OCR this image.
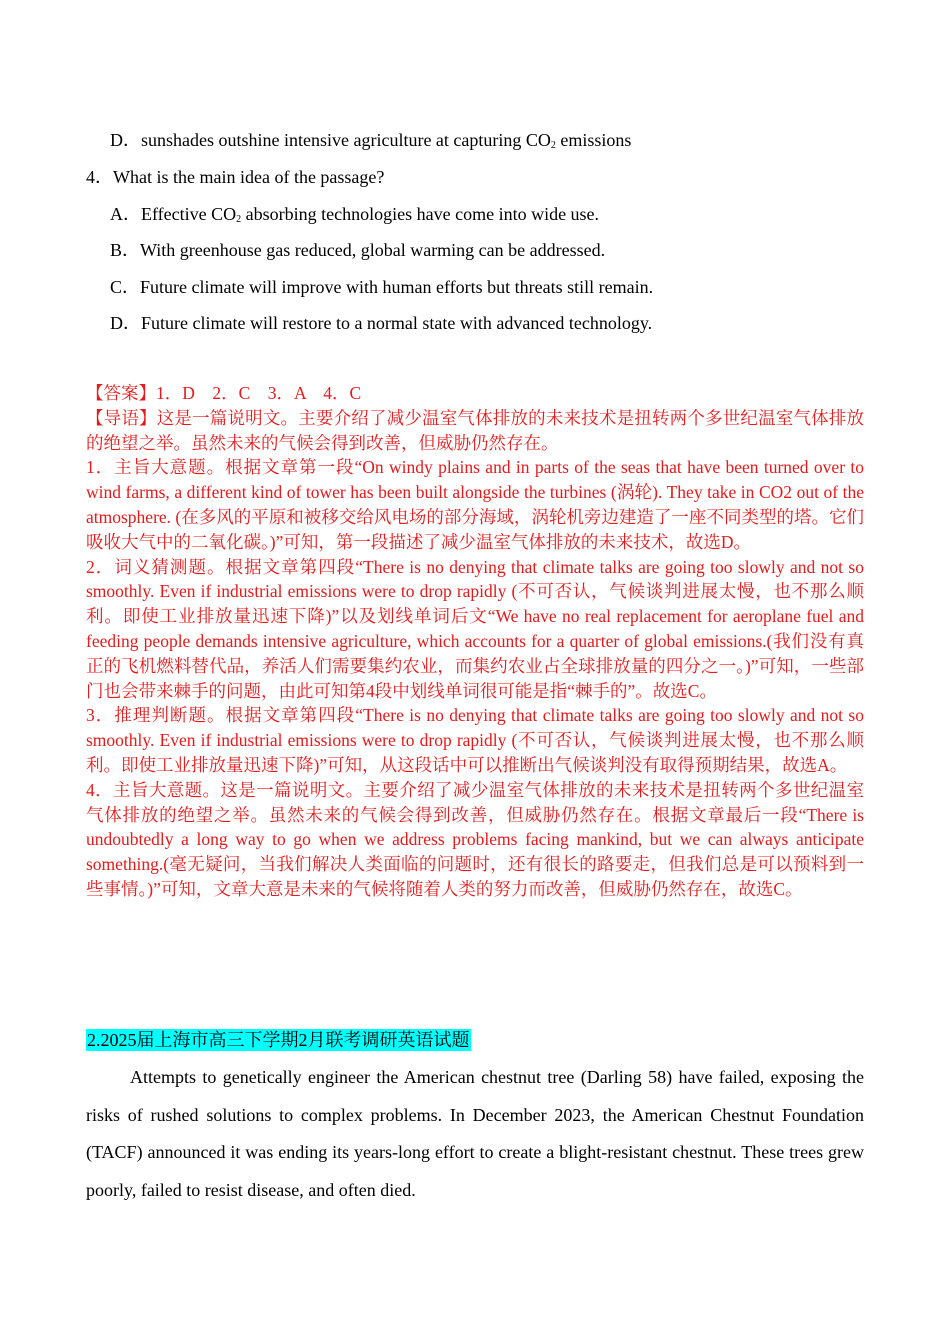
D．sunshades outshine intensive agriculture at capturing $CO_2$ emissions
4．What is the main idea of the passage?
A．Effective $CO_2$ absorbing technologies have come into wide use.
B．With greenhouse gas reduced, global warming can be addressed.
C．Future climate will improve with human efforts but threats still remain.
D．Future climate will restore to a normal state with advanced technology.

【答案】1．D　2．C　3．A　4．C

【导语】这是一篇说明文。主要介绍了减少温室气体排放的未来技术是扭转两个多世纪温室气体排放的绝望之举。虽然未来的气候会得到改善，但威胁仍然存在。

1．主旨大意题。根据文章第一段“On windy plains and in parts of the seas that have been turned over to wind farms, a different kind of tower has been built alongside the turbines (涡轮). They take in CO2 out of the atmosphere. (在多风的平原和被移交给风电场的部分海域，涡轮机旁边建造了一座不同类型的塔。它们吸收大气中的二氧化碳。)”可知，第一段描述了减少温室气体排放的未来技术，故选D。

2．词义猜测题。根据文章第四段“There is no denying that climate talks are going too slowly and not so smoothly. Even if industrial emissions were to drop rapidly (不可否认，气候谈判进展太慢，也不那么顺利。即使工业排放量迅速下降)”以及划线单词后文“We have no real replacement for aeroplane fuel and feeding people demands intensive agriculture, which accounts for a quarter of global emissions.(我们没有真正的飞机燃料替代品，养活人们需要集约农业，而集约农业占全球排放量的四分之一。)”可知，一些部门也会带来棘手的问题，由此可知第4段中划线单词很可能是指“棘手的”。故选C。

3．推理判断题。根据文章第四段“There is no denying that climate talks are going too slowly and not so smoothly. Even if industrial emissions were to drop rapidly (不可否认，气候谈判进展太慢，也不那么顺利。即使工业排放量迅速下降)”可知，从这段话中可以推断出气候谈判没有取得预期结果，故选A。

4．主旨大意题。这是一篇说明文。主要介绍了减少温室气体排放的未来技术是扭转两个多世纪温室气体排放的绝望之举。虽然未来的气候会得到改善，但威胁仍然存在。根据文章最后一段“There is undoubtedly a long way to go when we address problems facing mankind, but we can always anticipate something.(毫无疑问，当我们解决人类面临的问题时，还有很长的路要走，但我们总是可以预料到一些事情。)”可知，文章大意是未来的气候将随着人类的努力而改善，但威胁仍然存在，故选C。

2.2025届上海市高三下学期2月联考调研英语试题

Attempts to genetically engineer the American chestnut tree (Darling 58) have failed, exposing the risks of rushed solutions to complex problems. In December 2023, the American Chestnut Foundation (TACF) announced it was ending its years-long effort to create a blight-resistant chestnut. These trees grew poorly, failed to resist disease, and often died.
